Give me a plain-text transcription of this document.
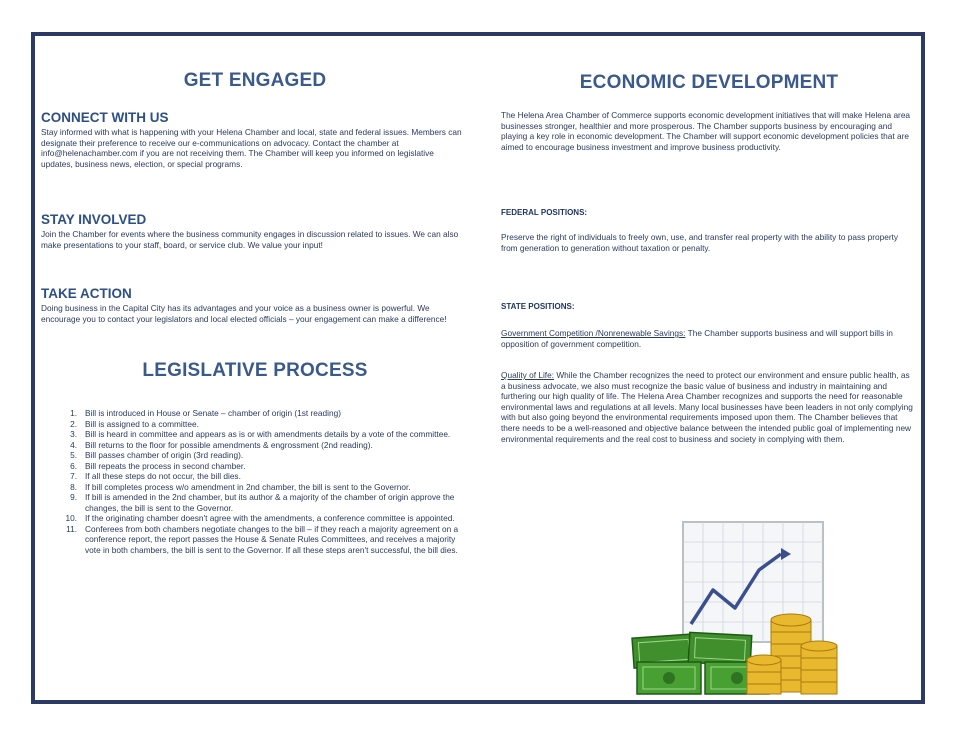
GET ENGAGED
CONNECT WITH US

Stay informed with what is happening with your Helena Chamber and local, state and federal issues. Members can designate their preference to receive our e-communications on advocacy. Contact the chamber at info@helenachamber.com if you are not receiving them. The Chamber will keep you informed on legislative updates, business news, election, or special programs.

STAY INVOLVED

Join the Chamber for events where the business community engages in discussion related to issues. We can also make presentations to your staff, board, or service club. We value your input!

TAKE ACTION

Doing business in the Capital City has its advantages and your voice as a business owner is powerful. We encourage you to contact your legislators and local elected officials – your engagement can make a difference!

LEGISLATIVE PROCESS
1. Bill is introduced in House or Senate – chamber of origin (1st reading)
2. Bill is assigned to a committee.
3. Bill is heard in committee and appears as is or with amendments details by a vote of the committee.
4. Bill returns to the floor for possible amendments & engrossment (2nd reading).
5. Bill passes chamber of origin (3rd reading).
6. Bill repeats the process in second chamber.
7. If all these steps do not occur, the bill dies.
8. If bill completes process w/o amendment in 2nd chamber, the bill is sent to the Governor.
9. If bill is amended in the 2nd chamber, but its author & a majority of the chamber of origin approve the changes, the bill is sent to the Governor.
10. If the originating chamber doesn't agree with the amendments, a conference committee is appointed.
11. Conferees from both chambers negotiate changes to the bill – if they reach a majority agreement on a conference report, the report passes the House & Senate Rules Committees, and receives a majority vote in both chambers, the bill is sent to the Governor. If all these steps aren't successful, the bill dies.
ECONOMIC DEVELOPMENT

The Helena Area Chamber of Commerce supports economic development initiatives that will make Helena area businesses stronger, healthier and more prosperous. The Chamber supports business by encouraging and playing a key role in economic development. The Chamber will support economic development policies that are aimed to encourage business investment and improve business productivity.

FEDERAL POSITIONS:

Preserve the right of individuals to freely own, use, and transfer real property with the ability to pass property from generation to generation without taxation or penalty.

STATE POSITIONS:

Government Competition /Nonrenewable Savings: The Chamber supports business and will support bills in opposition of government competition.

Quality of Life: While the Chamber recognizes the need to protect our environment and ensure public health, as a business advocate, we also must recognize the basic value of business and industry in maintaining and furthering our high quality of life. The Helena Area Chamber recognizes and supports the need for reasonable environmental laws and regulations at all levels. Many local businesses have been leaders in not only complying with but also going beyond the environmental requirements imposed upon them. The Chamber believes that there needs to be a well-reasoned and objective balance between the intended public goal of implementing new environmental requirements and the real cost to business and society in complying with them.
